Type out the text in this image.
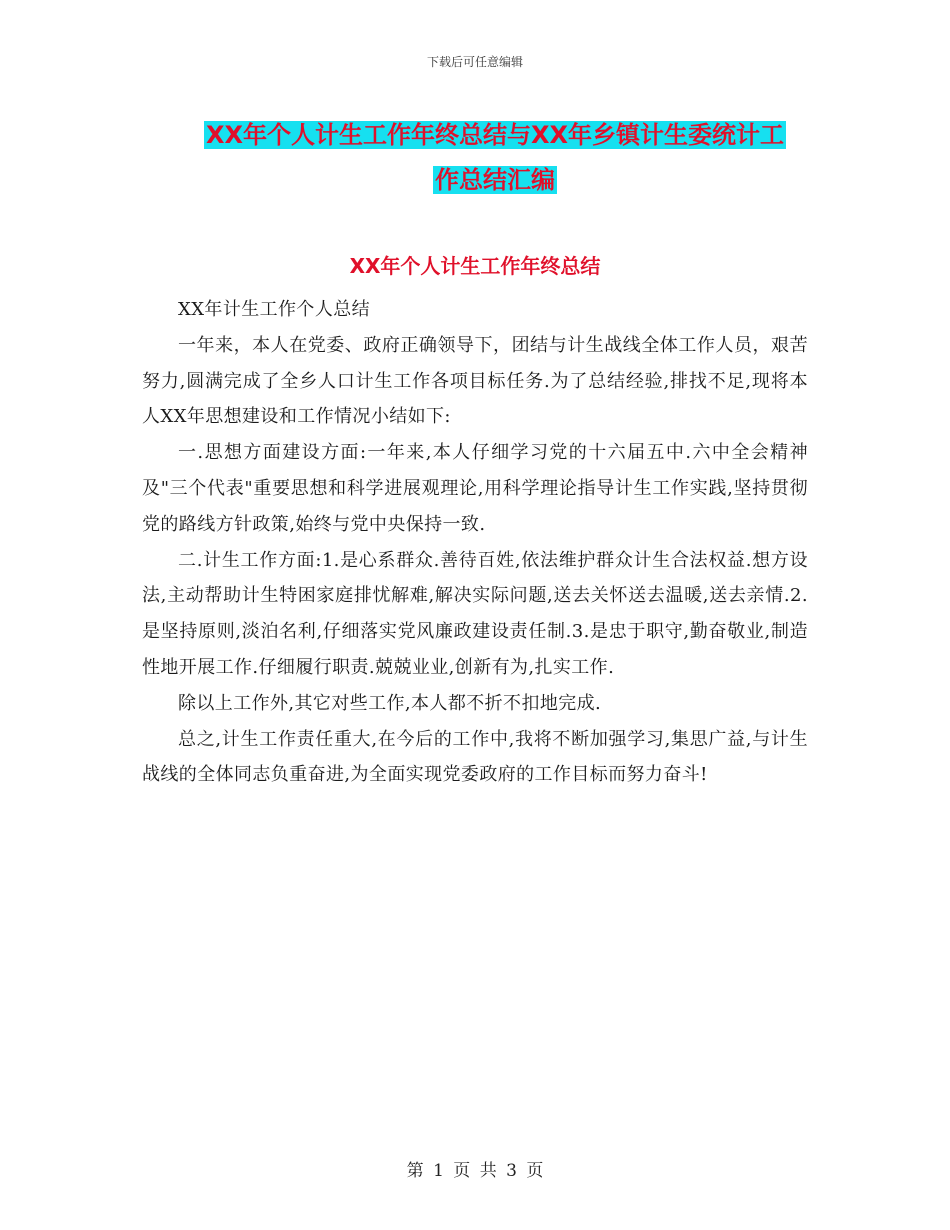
下载后可任意编辑
XX年个人计生工作年终总结与XX年乡镇计生委统计工
作总结汇编
XX年个人计生工作年终总结

XX年计生工作个人总结

一年来，本人在党委、政府正确领导下，团结与计生战线全体工作人员，艰苦努力,圆满完成了全乡人口计生工作各项目标任务.为了总结经验,排找不足,现将本人XX年思想建设和工作情况小结如下:

一.思想方面建设方面:一年来,本人仔细学习党的十六届五中.六中全会精神及"三个代表"重要思想和科学进展观理论,用科学理论指导计生工作实践,坚持贯彻党的路线方针政策,始终与党中央保持一致.

二.计生工作方面:1.是心系群众.善待百姓,依法维护群众计生合法权益.想方设法,主动帮助计生特困家庭排忧解难,解决实际问题,送去关怀送去温暖,送去亲情.2.是坚持原则,淡泊名利,仔细落实党风廉政建设责任制.3.是忠于职守,勤奋敬业,制造性地开展工作.仔细履行职责.兢兢业业,创新有为,扎实工作.

除以上工作外,其它对些工作,本人都不折不扣地完成.

总之,计生工作责任重大,在今后的工作中,我将不断加强学习,集思广益,与计生战线的全体同志负重奋进,为全面实现党委政府的工作目标而努力奋斗!

第 1 页 共 3 页
